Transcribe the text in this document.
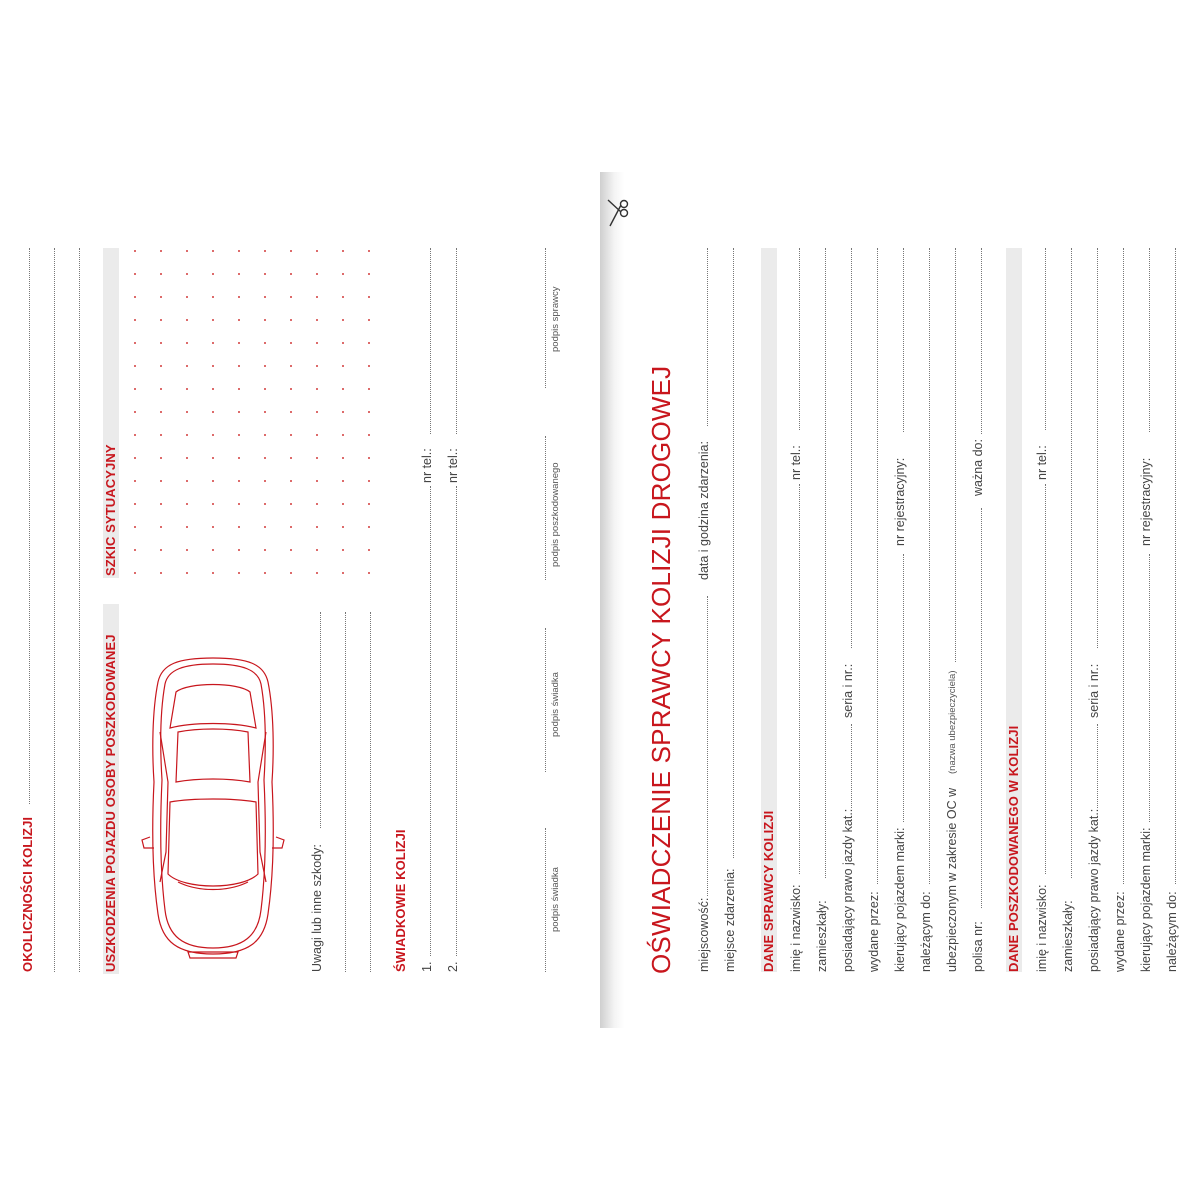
OKOLICZNOŚCI KOLIZJI	USZKODZENIA POJAZDU OSOBY POSZKODOWANEJ
SZKIC SYTUACYJNY
Uwagi lub inne szkody:	ŚWIADKOWIE KOLIZJI 1.
nr tel.:
2.
nr tel.:
podpis świadka
podpis świadka
podpis poszkodowanego
podpis sprawcy
OŚWIADCZENIE SPRAWCY KOLIZJI DROGOWEJ miejscowość:
data i godzina zdarzenia:
miejsce zdarzenia: DANE SPRAWCY KOLIZJI imię i nazwisko:
nr tel.:
zamieszkały: posiadający prawo jazdy kat.:
seria i nr.:
wydane przez: kierujący pojazdem marki:
nr rejestracyjny:
należącym do: ubezpieczonym w zakresie OC w
(nazwa ubezpieczyciela)
polisa nr:
ważna do:
DANE POSZKODOWANEGO W KOLIZJI imię i nazwisko:
nr tel.:
zamieszkały: posiadający prawo jazdy kat.:
seria i nr.:
wydane przez: kierujący pojazdem marki:
nr rejestracyjny:
należącym do:
